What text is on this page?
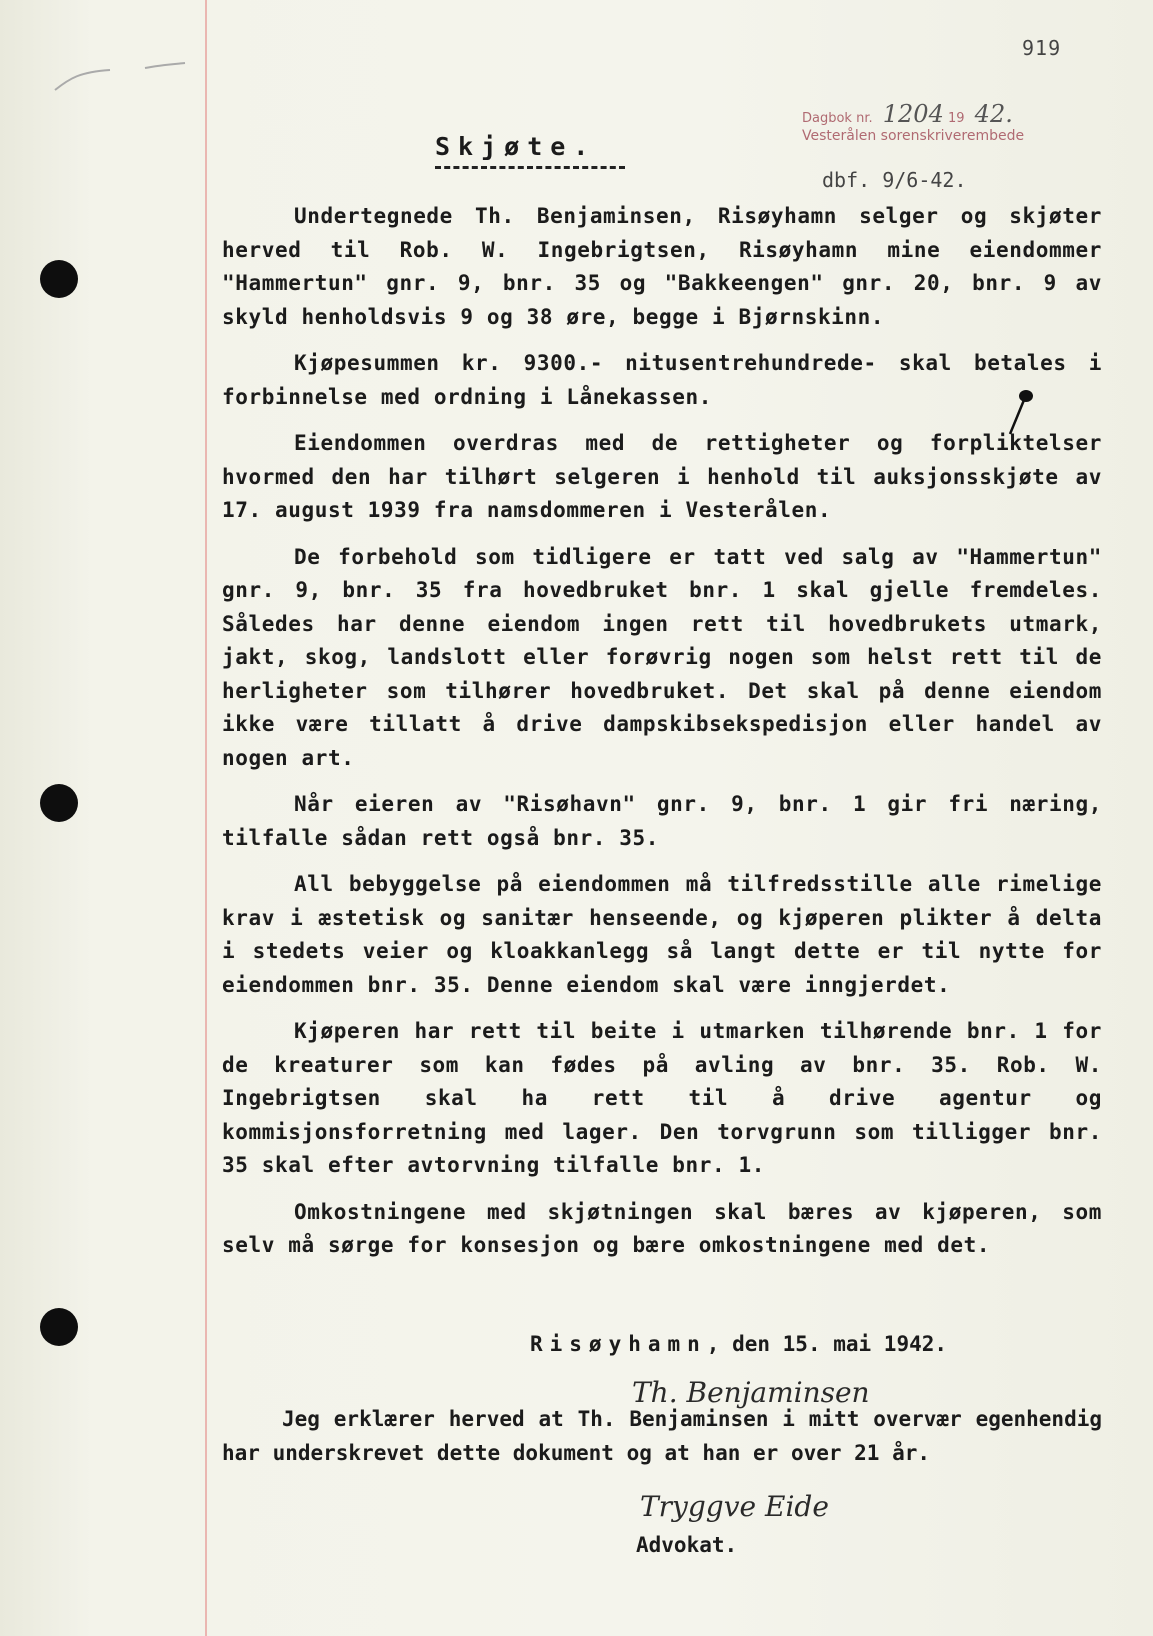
919
Dagbok nr. 1204 19 42.
Vesterålen sorenskriverembede
dbf. 9/6-42.
Skjøte.

Undertegnede Th. Benjaminsen, Risøyhamn selger og skjøter herved til Rob. W. Ingebrigtsen, Risøyhamn mine eiendommer "Hammertun" gnr. 9, bnr. 35 og "Bakkeengen" gnr. 20, bnr. 9 av skyld henholdsvis 9 og 38 øre, begge i Bjørnskinn.

Kjøpesummen kr. 9300.- nitusentrehundrede- skal betales i forbinnelse med ordning i Lånekassen.

Eiendommen overdras med de rettigheter og forpliktelser hvormed den har tilhørt selgeren i henhold til auksjonsskjøte av 17. august 1939 fra namsdommeren i Vesterålen.

De forbehold som tidligere er tatt ved salg av "Hammertun" gnr. 9, bnr. 35 fra hovedbruket bnr. 1 skal gjelle fremdeles. Således har denne eiendom ingen rett til hovedbrukets utmark, jakt, skog, landslott eller forøvrig nogen som helst rett til de herligheter som tilhører hovedbruket. Det skal på denne eiendom ikke være tillatt å drive dampskibsekspedisjon eller handel av nogen art.

Når eieren av "Risøhavn" gnr. 9, bnr. 1 gir fri næring, tilfalle sådan rett også bnr. 35.

All bebyggelse på eiendommen må tilfredsstille alle rimelige krav i æstetisk og sanitær henseende, og kjøperen plikter å delta i stedets veier og kloakkanlegg så langt dette er til nytte for eiendommen bnr. 35. Denne eiendom skal være inngjerdet.

Kjøperen har rett til beite i utmarken tilhørende bnr. 1 for de kreaturer som kan fødes på avling av bnr. 35. Rob. W. Ingebrigtsen skal ha rett til å drive agentur og kommisjonsforretning med lager. Den torvgrunn som tilligger bnr. 35 skal efter avtorvning tilfalle bnr. 1.

Omkostningene med skjøtningen skal bæres av kjøperen, som selv må sørge for konsesjon og bære omkostningene med det.

Risøyhamn, den 15. mai 1942.
Th. Benjaminsen
Jeg erklærer herved at Th. Benjaminsen i mitt overvær egenhendig har underskrevet dette dokument og at han er over 21 år.
Tryggve Eide
Advokat.
